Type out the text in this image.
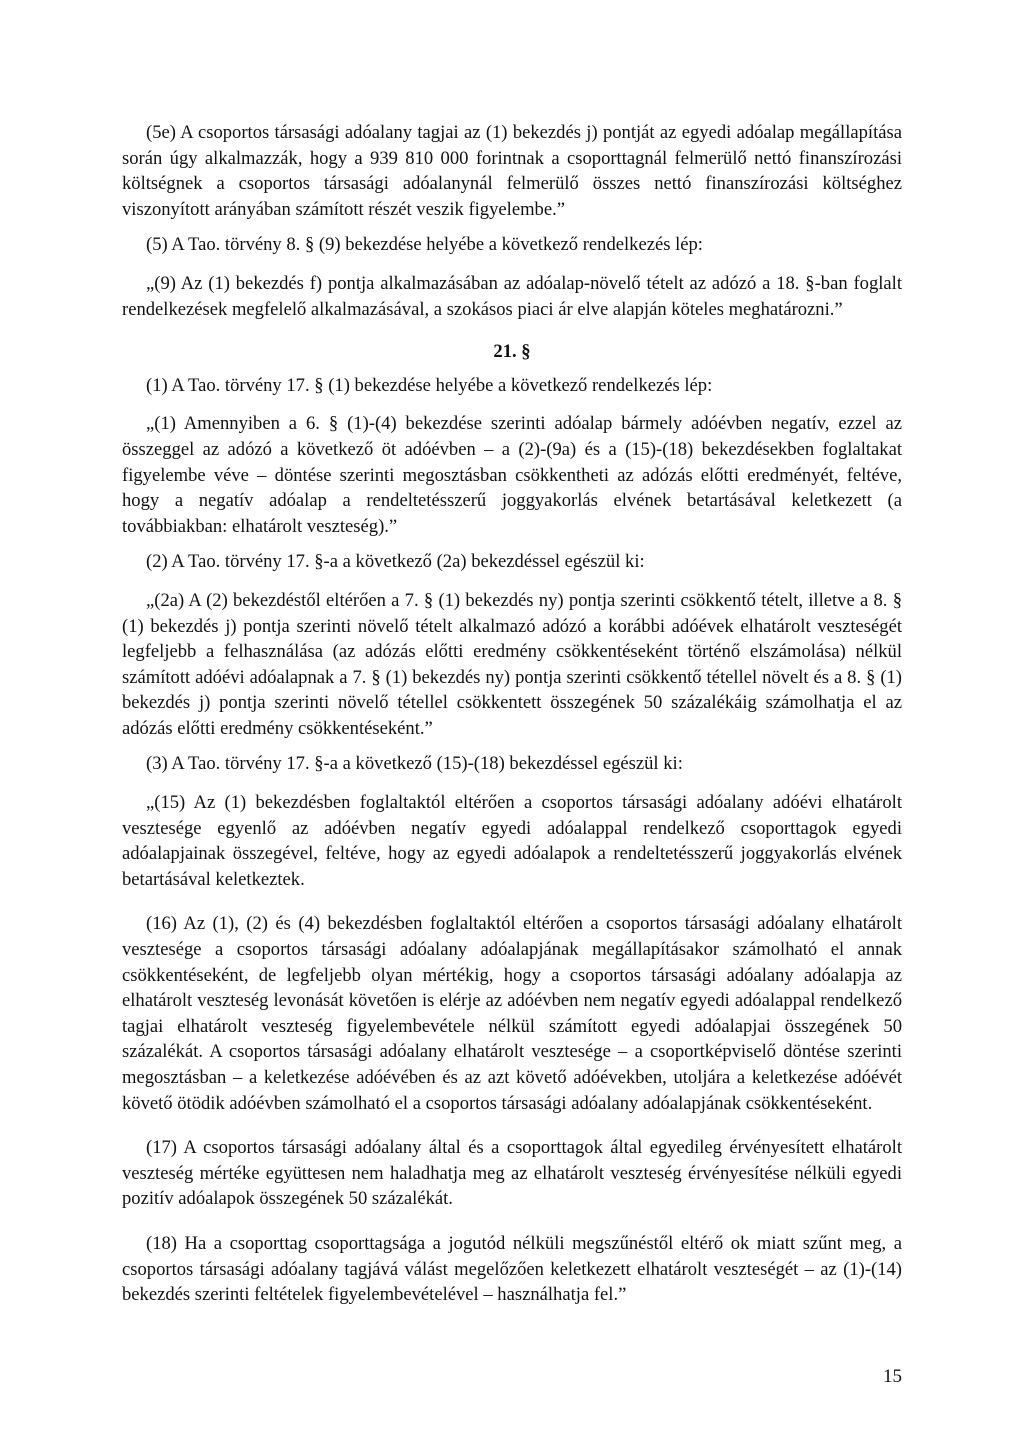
(5e) A csoportos társasági adóalany tagjai az (1) bekezdés j) pontját az egyedi adóalap megállapítása során úgy alkalmazzák, hogy a 939 810 000 forintnak a csoporttagnál felmerülő nettó finanszírozási költségnek a csoportos társasági adóalanynál felmerülő összes nettó finanszírozási költséghez viszonyított arányában számított részét veszik figyelembe.”

(5) A Tao. törvény 8. § (9) bekezdése helyébe a következő rendelkezés lép:

„(9) Az (1) bekezdés f) pontja alkalmazásában az adóalap-növelő tételt az adózó a 18. §-ban foglalt rendelkezések megfelelő alkalmazásával, a szokásos piaci ár elve alapján köteles meghatározni.”

21. §

(1) A Tao. törvény 17. § (1) bekezdése helyébe a következő rendelkezés lép:

„(1) Amennyiben a 6. § (1)-(4) bekezdése szerinti adóalap bármely adóévben negatív, ezzel az összeggel az adózó a következő öt adóévben – a (2)-(9a) és a (15)-(18) bekezdésekben foglaltakat figyelembe véve – döntése szerinti megosztásban csökkentheti az adózás előtti eredményét, feltéve, hogy a negatív adóalap a rendeltetésszerű joggyakorlás elvének betartásával keletkezett (a továbbiakban: elhatárolt veszteség).”

(2) A Tao. törvény 17. §-a a következő (2a) bekezdéssel egészül ki:

„(2a) A (2) bekezdéstől eltérően a 7. § (1) bekezdés ny) pontja szerinti csökkentő tételt, illetve a 8. § (1) bekezdés j) pontja szerinti növelő tételt alkalmazó adózó a korábbi adóévek elhatárolt veszteségét legfeljebb a felhasználása (az adózás előtti eredmény csökkentéseként történő elszámolása) nélkül számított adóévi adóalapnak a 7. § (1) bekezdés ny) pontja szerinti csökkentő tétellel növelt és a 8. § (1) bekezdés j) pontja szerinti növelő tétellel csökkentett összegének 50 százalékáig számolhatja el az adózás előtti eredmény csökkentéseként.”

(3) A Tao. törvény 17. §-a a következő (15)-(18) bekezdéssel egészül ki:

„(15) Az (1) bekezdésben foglaltaktól eltérően a csoportos társasági adóalany adóévi elhatárolt vesztesége egyenlő az adóévben negatív egyedi adóalappal rendelkező csoporttagok egyedi adóalapjainak összegével, feltéve, hogy az egyedi adóalapok a rendeltetésszerű joggyakorlás elvének betartásával keletkeztek.

(16) Az (1), (2) és (4) bekezdésben foglaltaktól eltérően a csoportos társasági adóalany elhatárolt vesztesége a csoportos társasági adóalany adóalapjának megállapításakor számolható el annak csökkentéseként, de legfeljebb olyan mértékig, hogy a csoportos társasági adóalany adóalapja az elhatárolt veszteség levonását követően is elérje az adóévben nem negatív egyedi adóalappal rendelkező tagjai elhatárolt veszteség figyelembevétele nélkül számított egyedi adóalapjai összegének 50 százalékát. A csoportos társasági adóalany elhatárolt vesztesége – a csoportképviselő döntése szerinti megosztásban – a keletkezése adóévében és az azt követő adóévekben, utoljára a keletkezése adóévét követő ötödik adóévben számolható el a csoportos társasági adóalany adóalapjának csökkentéseként.

(17) A csoportos társasági adóalany által és a csoporttagok által egyedileg érvényesített elhatárolt veszteség mértéke együttesen nem haladhatja meg az elhatárolt veszteség érvényesítése nélküli egyedi pozitív adóalapok összegének 50 százalékát.

(18) Ha a csoporttag csoporttagsága a jogutód nélküli megszűnéstől eltérő ok miatt szűnt meg, a csoportos társasági adóalany tagjává válást megelőzően keletkezett elhatárolt veszteségét – az (1)-(14) bekezdés szerinti feltételek figyelembevételével – használhatja fel.”

15
